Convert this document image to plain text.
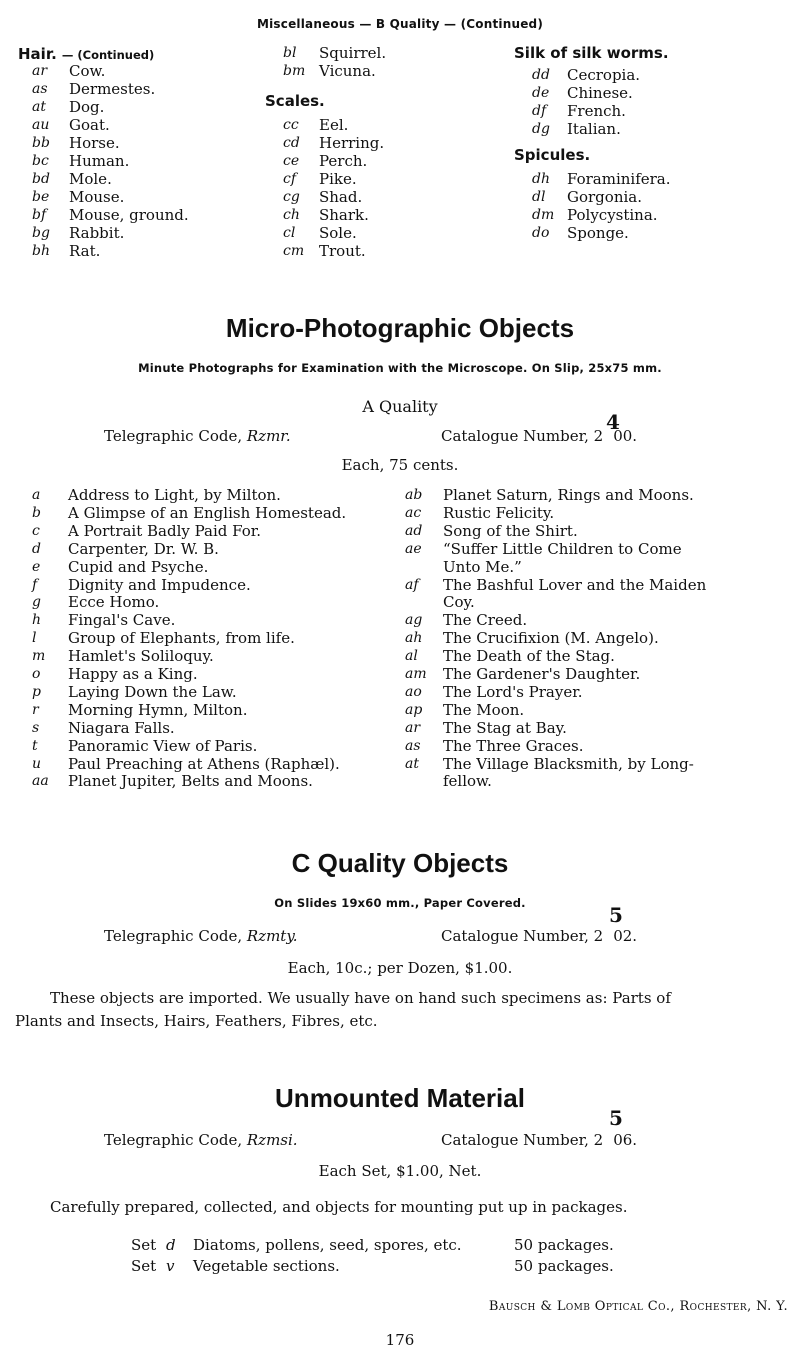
Miscellaneous — B Quality — (Continued)
Hair. — (Continued)
ar Cow.
as Dermestes.
at Dog.
au Goat.
bb Horse.
bc Human.
bd Mole.
be Mouse.
bf Mouse, ground.
bg Rabbit.
bh Rat.
bl Squirrel.
bm Vicuna.
Scales.
cc Eel.
cd Herring.
ce Perch.
cf Pike.
cg Shad.
ch Shark.
cl Sole.
cm Trout.
Silk of silk worms.
dd Cecropia.
de Chinese.
df French.
dg Italian.
Spicules.
dh Foraminifera.
dl Gorgonia.
dm Polycystina.
do Sponge.
Micro-Photographic Objects
Minute Photographs for Examination with the Microscope. On Slip, 25x75 mm.
A Quality
Telegraphic Code, Rzmr.	Catalogue Number, 2 00.
4
Each, 75 cents.
a Address to Light, by Milton.
b A Glimpse of an English Homestead.
c A Portrait Badly Paid For.
d Carpenter, Dr. W. B.
e Cupid and Psyche.
f Dignity and Impudence.
g Ecce Homo.
h Fingal's Cave.
l Group of Elephants, from life.
m Hamlet's Soliloquy.
o Happy as a King.
p Laying Down the Law.
r Morning Hymn, Milton.
s Niagara Falls.
t Panoramic View of Paris.
u Paul Preaching at Athens (Raphæl).
aa Planet Jupiter, Belts and Moons.
ab Planet Saturn, Rings and Moons.
ac Rustic Felicity.
ad Song of the Shirt.
ae “Suffer Little Children to Come
Unto Me.”
af The Bashful Lover and the Maiden
Coy.
ag The Creed.
ah The Crucifixion (M. Angelo).
al The Death of the Stag.
am The Gardener's Daughter.
ao The Lord's Prayer.
ap The Moon.
ar The Stag at Bay.
as The Three Graces.
at The Village Blacksmith, by Long-
fellow.
C Quality Objects
On Slides 19x60 mm., Paper Covered.
Telegraphic Code, Rzmty.	Catalogue Number, 2 02.
5
Each, 10c.; per Dozen, $1.00.
These objects are imported. We usually have on hand such specimens as: Parts of
Plants and Insects, Hairs, Feathers, Fibres, etc.
Unmounted Material
Telegraphic Code, Rzmsi.	Catalogue Number, 2 06.
5
Each Set, $1.00, Net.
Carefully prepared, collected, and objects for mounting put up in packages.
Set d Diatoms, pollens, seed, spores, etc.	50 packages.
Set v Vegetable sections.	50 packages.
Bausch & Lomb Optical Co., Rochester, N. Y.
176
